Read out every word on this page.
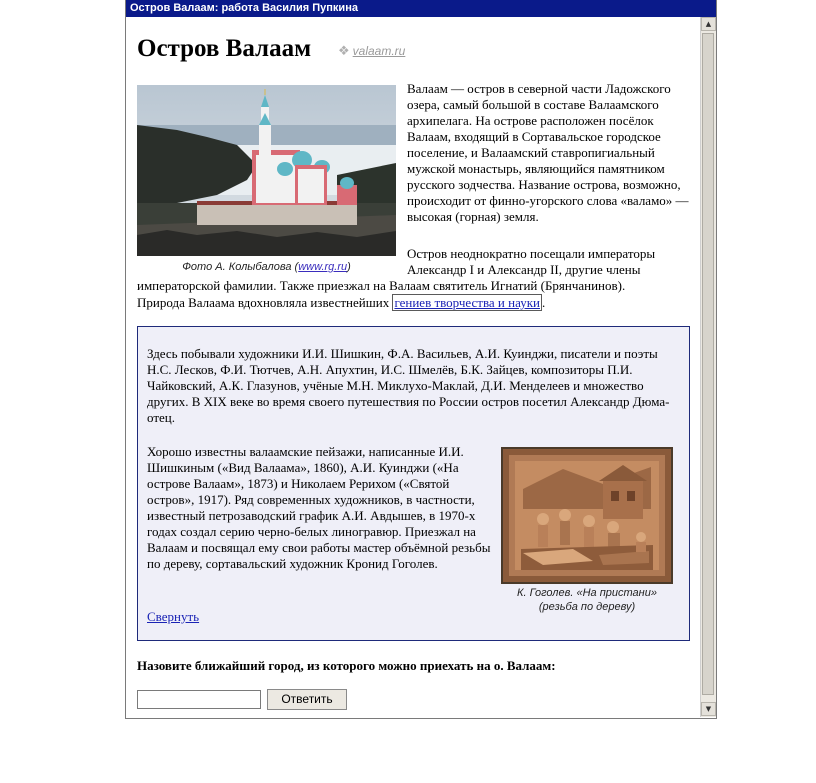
Остров Валаам: работа Василия Пупкина
Остров Валаам ❖ valaam.ru
Фото А. Колыбалова (www.rg.ru)
Валаам — остров в северной части Ладожского озера, самый большой в составе Валаамского архипелага. На острове расположен посёлок Валаам, входящий в Сортавальское городское поселение, и Валаамский ставропигиальный мужской монастырь, являющийся памятником русского зодчества. Название острова, возможно, происходит от финно-угорского слова «валамо» — высокая (горная) земля.
Остров неоднократно посещали императоры
Александр I и Александр II, другие члены
императорской фамилии. Также приезжал на Валаам святитель Игнатий (Брянчанинов).
Природа Валаама вдохновляла известнейших гениев творчества и науки .
Здесь побывали художники И.И. Шишкин, Ф.А. Васильев, А.И. Куинджи, писатели и поэты Н.С. Лесков, Ф.И. Тютчев, А.Н. Апухтин, И.С. Шмелёв, Б.К. Зайцев, композиторы П.И. Чайковский, А.К. Глазунов, учёные М.Н. Миклухо-Маклай, Д.И. Менделеев и множество других. В XIX веке во время своего путешествия по России остров посетил Александр Дюма-отец.
Хорошо известны валаамские пейзажи, написанные И.И. Шишкиным («Вид Валаама», 1860), А.И. Куинджи («На острове Валаам», 1873) и Николаем Рерихом («Святой остров», 1917). Ряд современных художников, в частности, известный петрозаводский график А.И. Авдышев, в 1970-х годах создал серию черно-белых линогравюр. Приезжал на Валаам и посвящал ему свои работы мастер объёмной резьбы по дереву, сортавальский художник Кронид Гоголев.
К. Гоголев. «На пристани»
(резьба по дереву)
Свернуть
Назовите ближайший город, из которого можно приехать на о. Валаам:
Ответить
▲
▼
